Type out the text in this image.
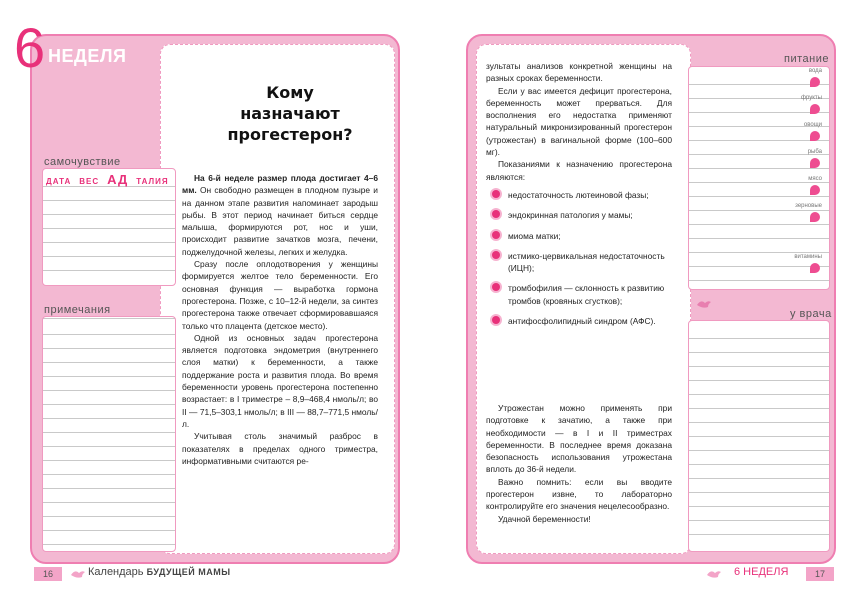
6 НЕДЕЛЯ
самочувствие
ДАТА ВЕС АД ТАЛИЯ
примечания
Кому назначают
прогестерон?

На 6-й неделе размер плода достигает 4–6 мм. Он свободно размещен в плодном пузыре и на данном этапе развития напоминает зародыш рыбы. В этот период начинает биться сердце малыша, формируются рот, нос и уши, происходит развитие зачатков мозга, печени, поджелудочной железы, легких и желудка.

Сразу после оплодотворения у женщины формируется желтое тело беременности. Его основная функция — выработка гормона прогестерона. Позже, с 10–12-й недели, за синтез прогестерона также отвечает сформировавшаяся только что плацента (детское место).

Одной из основных задач прогестерона является подготовка эндометрия (внутреннего слоя матки) к беременности, а также поддержание роста и развития плода. Во время беременности уровень прогестерона постепенно возрастает: в I триместре – 8,9–468,4 нмоль/л; во II — 71,5–303,1 нмоль/л; в III — 88,7–771,5 нмоль/л.

Учитывая столь значимый разброс в показателях в пределах одного триместра, информативными считаются ре-

16	Календарь БУДУЩЕЙ МАМЫ
питание
вода
фрукты
овощи
рыба
мясо
зерновые
витамины
у врача

зультаты анализов конкретной женщины на разных сроках беременности.

Если у вас имеется дефицит прогестерона, беременность может прерваться. Для восполнения его недостатка применяют натуральный микронизированный прогестерон (утрожестан) в вагинальной форме (100–600 мг).

Показаниями к назначению прогестерона являются:

недостаточность лютеиновой фазы;
эндокринная патология у мамы;
миома матки;
истмико-цервикальная недостаточность (ИЦН);
тромбофилия — склонность к развитию тромбов (кровяных сгустков);
антифосфолипидный синдром (АФС).

Утрожестан можно применять при подготовке к зачатию, а также при необходимости — в I и II триместрах беременности. В последнее время доказана безопасность использования утрожестана вплоть до 36-й недели.

Важно помнить: если вы вводите прогестерон извне, то лабораторно контролируйте его значения нецелесообразно.

Удачной беременности!

6 НЕДЕЛЯ	17
